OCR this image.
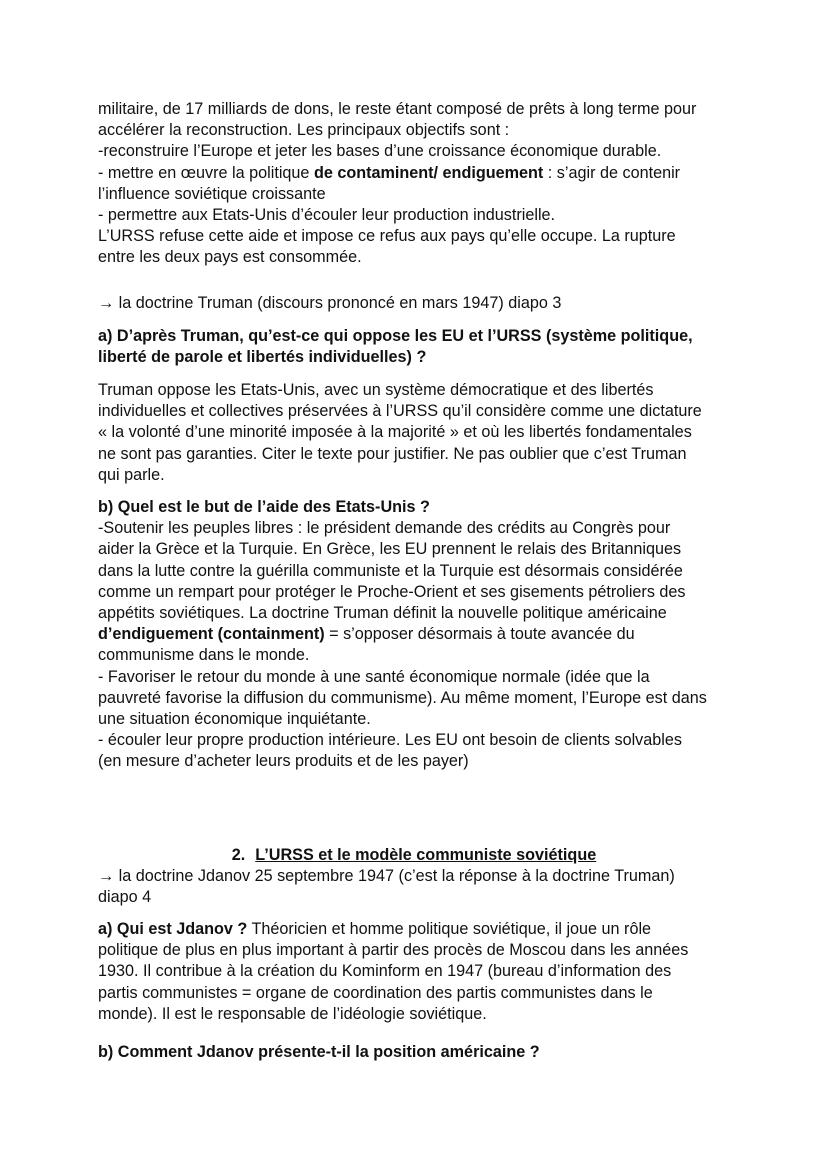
militaire, de 17 milliards de dons, le reste étant composé de prêts à long terme pour
accélérer la reconstruction. Les principaux objectifs sont :
-reconstruire l’Europe et jeter les bases d’une croissance économique durable.
- mettre en œuvre la politique de contaminent/ endiguement : s’agir de contenir
l’influence soviétique croissante
- permettre aux Etats-Unis d’écouler leur production industrielle.
L’URSS refuse cette aide et impose ce refus aux pays qu’elle occupe. La rupture
entre les deux pays est consommée.
→ la doctrine Truman (discours prononcé en mars 1947) diapo 3
a) D’après Truman, qu’est-ce qui oppose les EU et l’URSS (système politique,
liberté de parole et libertés individuelles) ?
Truman oppose les Etats-Unis, avec un système démocratique et des libertés
individuelles et collectives préservées à l’URSS qu’il considère comme une dictature
« la volonté d’une minorité imposée à la majorité » et où les libertés fondamentales
ne sont pas garanties. Citer le texte pour justifier. Ne pas oublier que c’est Truman
qui parle.
b) Quel est le but de l’aide des Etats-Unis ?
-Soutenir les peuples libres : le président demande des crédits au Congrès pour
aider la Grèce et la Turquie. En Grèce, les EU prennent le relais des Britanniques
dans la lutte contre la guérilla communiste et la Turquie est désormais considérée
comme un rempart pour protéger le Proche-Orient et ses gisements pétroliers des
appétits soviétiques. La doctrine Truman définit la nouvelle politique américaine
d’endiguement (containment) = s’opposer désormais à toute avancée du
communisme dans le monde.
- Favoriser le retour du monde à une santé économique normale (idée que la
pauvreté favorise la diffusion du communisme). Au même moment, l’Europe est dans
une situation économique inquiétante.
- écouler leur propre production intérieure. Les EU ont besoin de clients solvables
(en mesure d’acheter leurs produits et de les payer)
2. L’URSS et le modèle communiste soviétique
→ la doctrine Jdanov 25 septembre 1947 (c’est la réponse à la doctrine Truman)
diapo 4
a) Qui est Jdanov ? Théoricien et homme politique soviétique, il joue un rôle
politique de plus en plus important à partir des procès de Moscou dans les années
1930. Il contribue à la création du Kominform en 1947 (bureau d’information des
partis communistes = organe de coordination des partis communistes dans le
monde). Il est le responsable de l’idéologie soviétique.
b) Comment Jdanov présente-t-il la position américaine ?
